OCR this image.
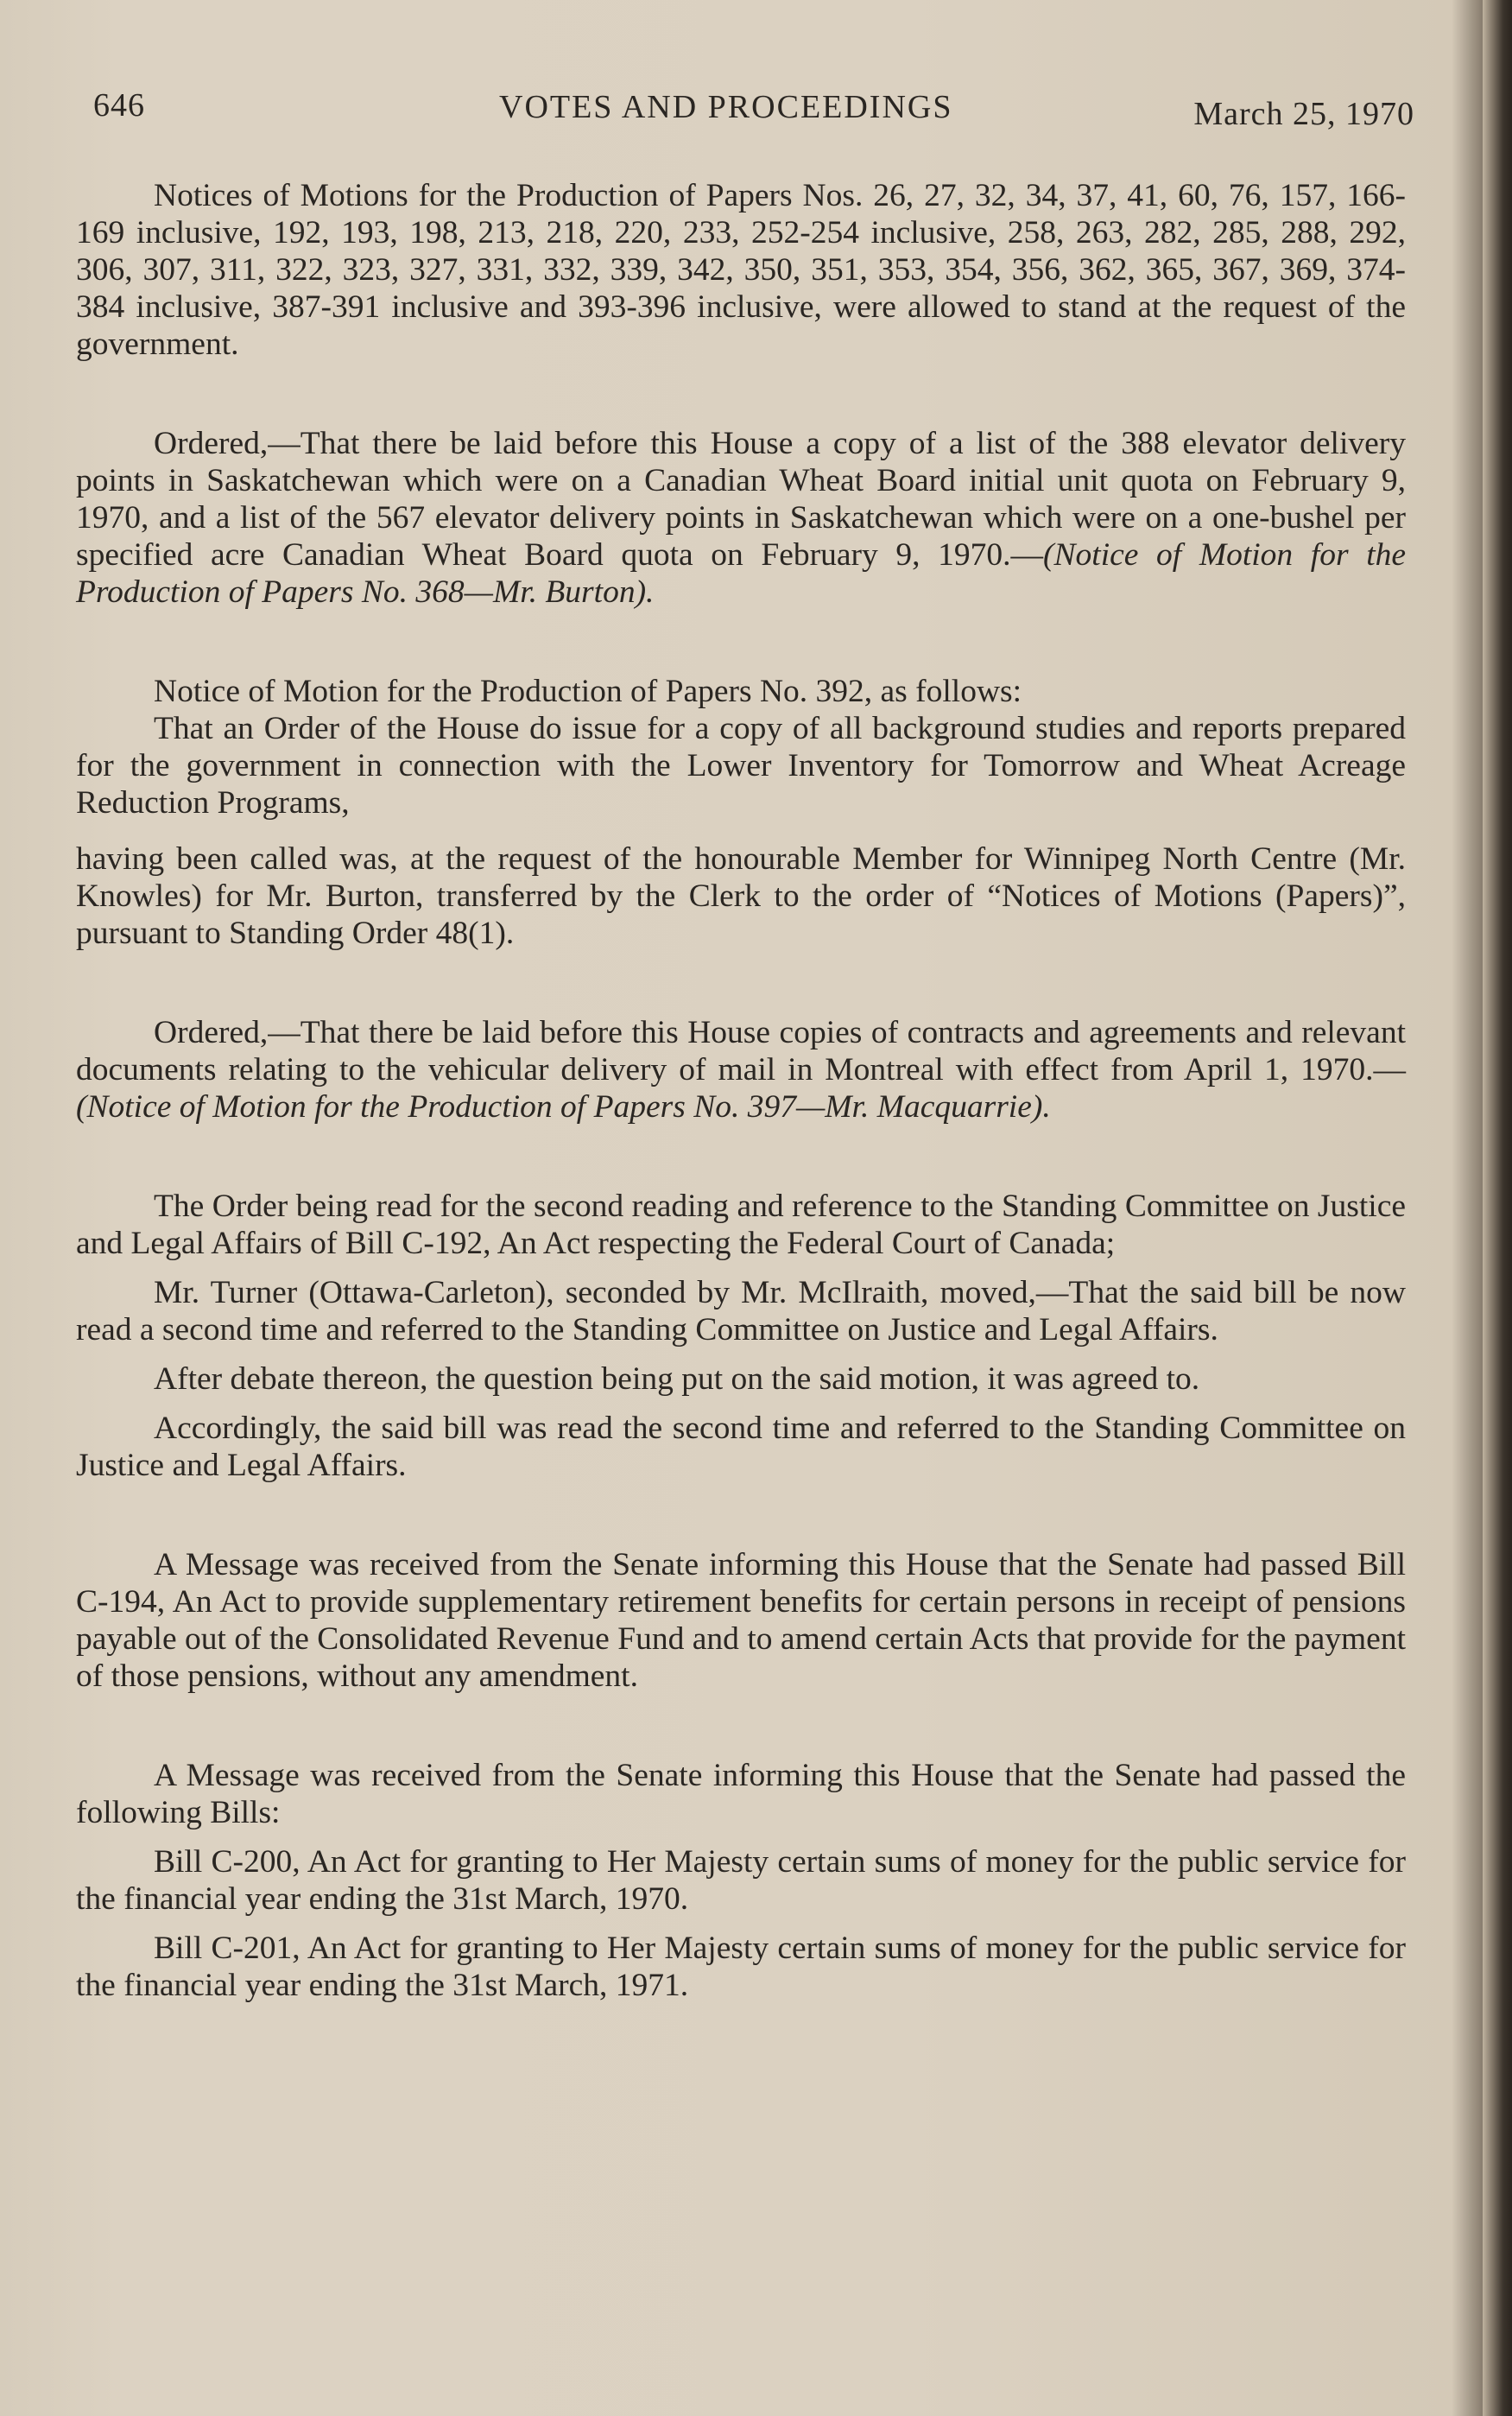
646	VOTES AND PROCEEDINGS	March 25, 1970

Notices of Motions for the Production of Papers Nos. 26, 27, 32, 34, 37, 41, 60, 76, 157, 166-169 inclusive, 192, 193, 198, 213, 218, 220, 233, 252-254 inclusive, 258, 263, 282, 285, 288, 292, 306, 307, 311, 322, 323, 327, 331, 332, 339, 342, 350, 351, 353, 354, 356, 362, 365, 367, 369, 374-384 inclusive, 387-391 inclusive and 393-396 inclusive, were allowed to stand at the request of the government.

Ordered,—That there be laid before this House a copy of a list of the 388 elevator delivery points in Saskatchewan which were on a Canadian Wheat Board initial unit quota on February 9, 1970, and a list of the 567 elevator delivery points in Saskatchewan which were on a one-bushel per specified acre Canadian Wheat Board quota on February 9, 1970.—(Notice of Motion for the Production of Papers No. 368—Mr. Burton).

Notice of Motion for the Production of Papers No. 392, as follows:

That an Order of the House do issue for a copy of all background studies and reports prepared for the government in connection with the Lower Inventory for Tomorrow and Wheat Acreage Reduction Programs,

having been called was, at the request of the honourable Member for Winnipeg North Centre (Mr. Knowles) for Mr. Burton, transferred by the Clerk to the order of “Notices of Motions (Papers)”, pursuant to Standing Order 48(1).

Ordered,—That there be laid before this House copies of contracts and agreements and relevant documents relating to the vehicular delivery of mail in Montreal with effect from April 1, 1970.—(Notice of Motion for the Production of Papers No. 397—Mr. Macquarrie).

The Order being read for the second reading and reference to the Standing Committee on Justice and Legal Affairs of Bill C-192, An Act respecting the Federal Court of Canada;

Mr. Turner (Ottawa-Carleton), seconded by Mr. McIlraith, moved,—That the said bill be now read a second time and referred to the Standing Committee on Justice and Legal Affairs.

After debate thereon, the question being put on the said motion, it was agreed to.

Accordingly, the said bill was read the second time and referred to the Standing Committee on Justice and Legal Affairs.

A Message was received from the Senate informing this House that the Senate had passed Bill C-194, An Act to provide supplementary retirement benefits for certain persons in receipt of pensions payable out of the Consolidated Revenue Fund and to amend certain Acts that provide for the payment of those pensions, without any amendment.

A Message was received from the Senate informing this House that the Senate had passed the following Bills:

Bill C-200, An Act for granting to Her Majesty certain sums of money for the public service for the financial year ending the 31st March, 1970.

Bill C-201, An Act for granting to Her Majesty certain sums of money for the public service for the financial year ending the 31st March, 1971.
